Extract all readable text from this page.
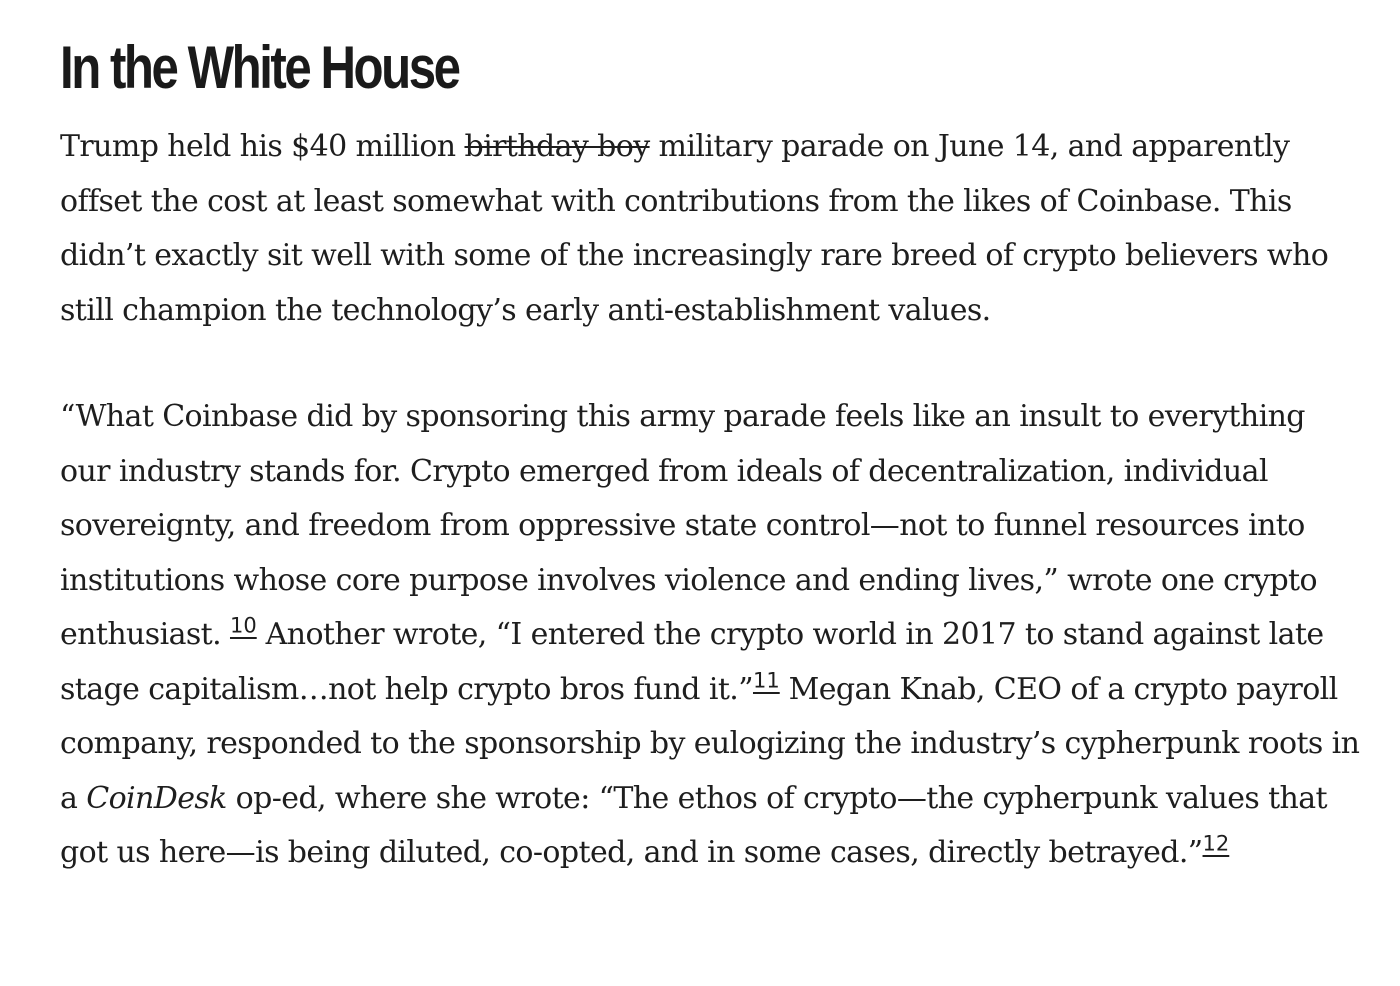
In the White House

Trump held his $40 million birthday boy military parade on June 14, and apparently offset the cost at least somewhat with contributions from the likes of Coinbase. This didn’t exactly sit well with some of the increasingly rare breed of crypto believers who still champion the technology’s early anti-establishment values.

“What Coinbase did by sponsoring this army parade feels like an insult to everything our industry stands for. Crypto emerged from ideals of decentralization, individual sovereignty, and freedom from oppressive state control—not to funnel resources into institutions whose core purpose involves violence and ending lives,” wrote one crypto enthusiast. $^{10}$ Another wrote, “I entered the crypto world in 2017 to stand against late stage capitalism…not help crypto bros fund it.”$^{11}$ Megan Knab, CEO of a crypto payroll company, responded to the sponsorship by eulogizing the industry’s cypherpunk roots in a CoinDesk op-ed, where she wrote: “The ethos of crypto—the cypherpunk values that got us here—is being diluted, co-opted, and in some cases, directly betrayed.”$^{12}$
